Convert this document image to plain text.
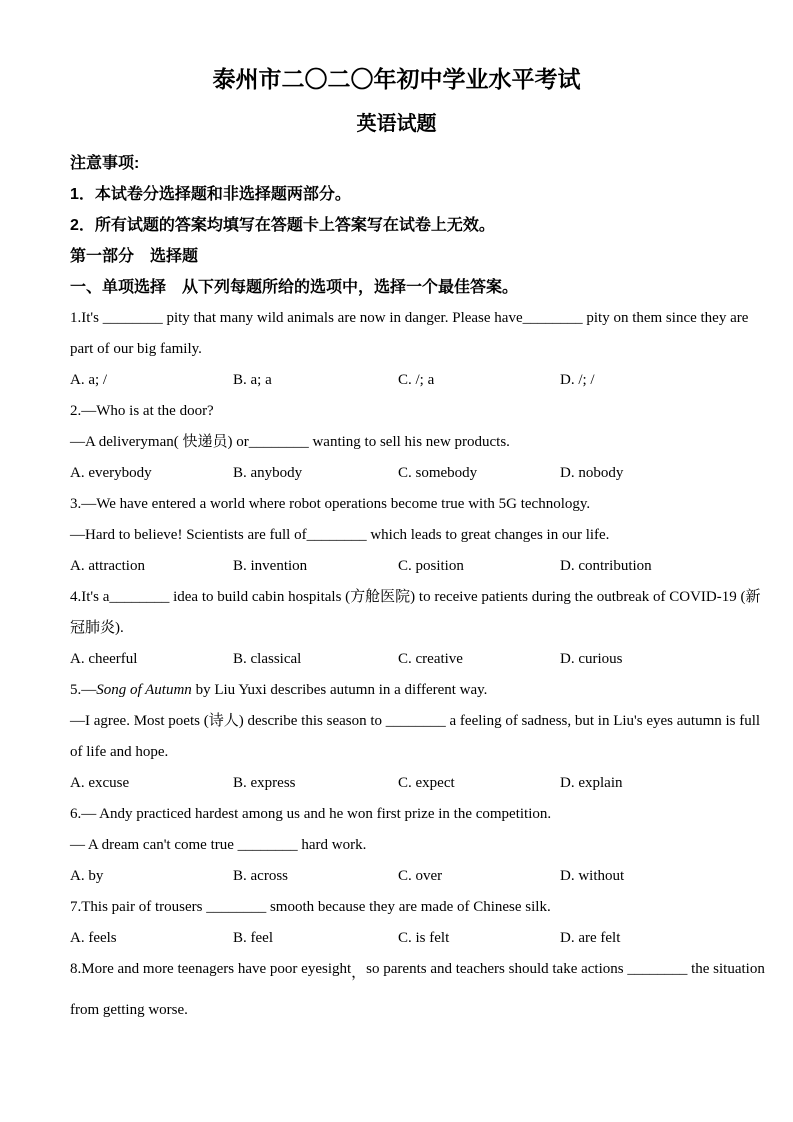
泰州市二〇二〇年初中学业水平考试
英语试题
注意事项:
1．本试卷分选择题和非选择题两部分。
2．所有试题的答案均填写在答题卡上答案写在试卷上无效。
第一部分　选择题
一、单项选择　从下列每题所给的选项中，选择一个最佳答案。
1.It's ________ pity that many wild animals are now in danger. Please have________ pity on them since they are
part of our big family.
A. a; /	B. a; a	C. /; a	D. /; /
2.—Who is at the door?
—A deliveryman( 快递员) or________ wanting to sell his new products.
A. everybody	B. anybody	C. somebody	D. nobody
3.—We have entered a world where robot operations become true with 5G technology.
—Hard to believe! Scientists are full of________ which leads to great changes in our life.
A. attraction	B. invention	C. position	D. contribution
4.It's a________ idea to build cabin hospitals (方舱医院) to receive patients during the outbreak of COVID-19 (新
冠肺炎).
A. cheerful	B. classical	C. creative	D. curious
5.—Song of Autumn by Liu Yuxi describes autumn in a different way.
—I agree. Most poets (诗人) describe this season to ________ a feeling of sadness, but in Liu's eyes autumn is full
of life and hope.
A. excuse	B. express	C. expect	D. explain
6.— Andy practiced hardest among us and he won first prize in the competition.
— A dream can't come true ________ hard work.
A. by	B. across	C. over	D. without
7.This pair of trousers ________ smooth because they are made of Chinese silk.
A. feels	B. feel	C. is felt	D. are felt
8.More and more teenagers have poor eyesight，so parents and teachers should take actions ________ the situation
from getting worse.
